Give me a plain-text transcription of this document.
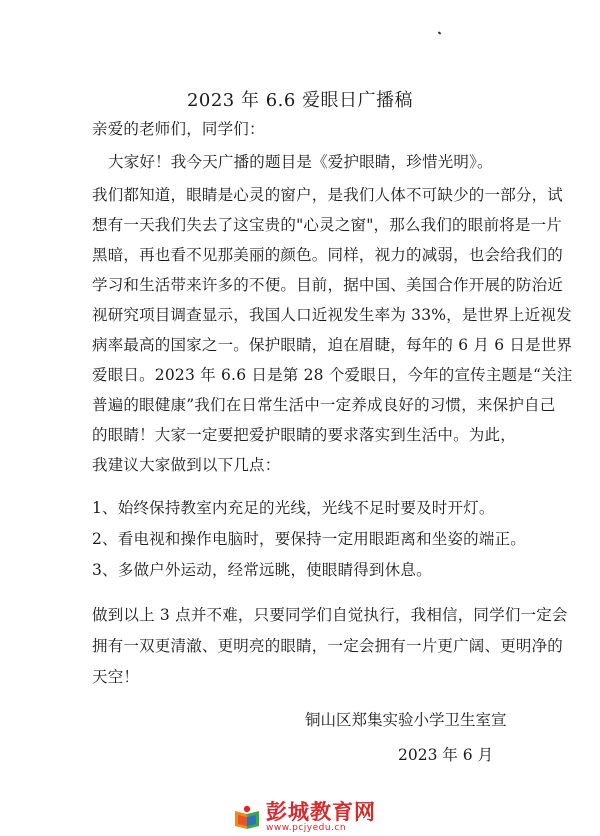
2023 年 6.6 爱眼日广播稿
亲爱的老师们，同学们：
大家好！我今天广播的题目是《爱护眼睛，珍惜光明》。
我们都知道，眼睛是心灵的窗户，是我们人体不可缺少的一部分，试
想有一天我们失去了这宝贵的"心灵之窗"，那么我们的眼前将是一片
黑暗，再也看不见那美丽的颜色。同样，视力的减弱，也会给我们的
学习和生活带来许多的不便。目前，据中国、美国合作开展的防治近
视研究项目调查显示，我国人口近视发生率为 33%，是世界上近视发
病率最高的国家之一。保护眼睛，迫在眉睫，每年的 6 月 6 日是世界
爱眼日。2023 年 6.6 日是第 28 个爱眼日，今年的宣传主题是“关注
普遍的眼健康”我们在日常生活中一定养成良好的习惯，来保护自己
的眼睛！大家一定要把爱护眼睛的要求落实到生活中。为此，
我建议大家做到以下几点：
1、始终保持教室内充足的光线，光线不足时要及时开灯。
2、看电视和操作电脑时，要保持一定用眼距离和坐姿的端正。
3、多做户外运动，经常远眺，使眼睛得到休息。
做到以上 3 点并不难，只要同学们自觉执行，我相信，同学们一定会
拥有一双更清澈、更明亮的眼睛，一定会拥有一片更广阔、更明净的
天空！
铜山区郑集实验小学卫生室宣
2023 年 6 月
彭城教育网
www.pcjyedu.cn
